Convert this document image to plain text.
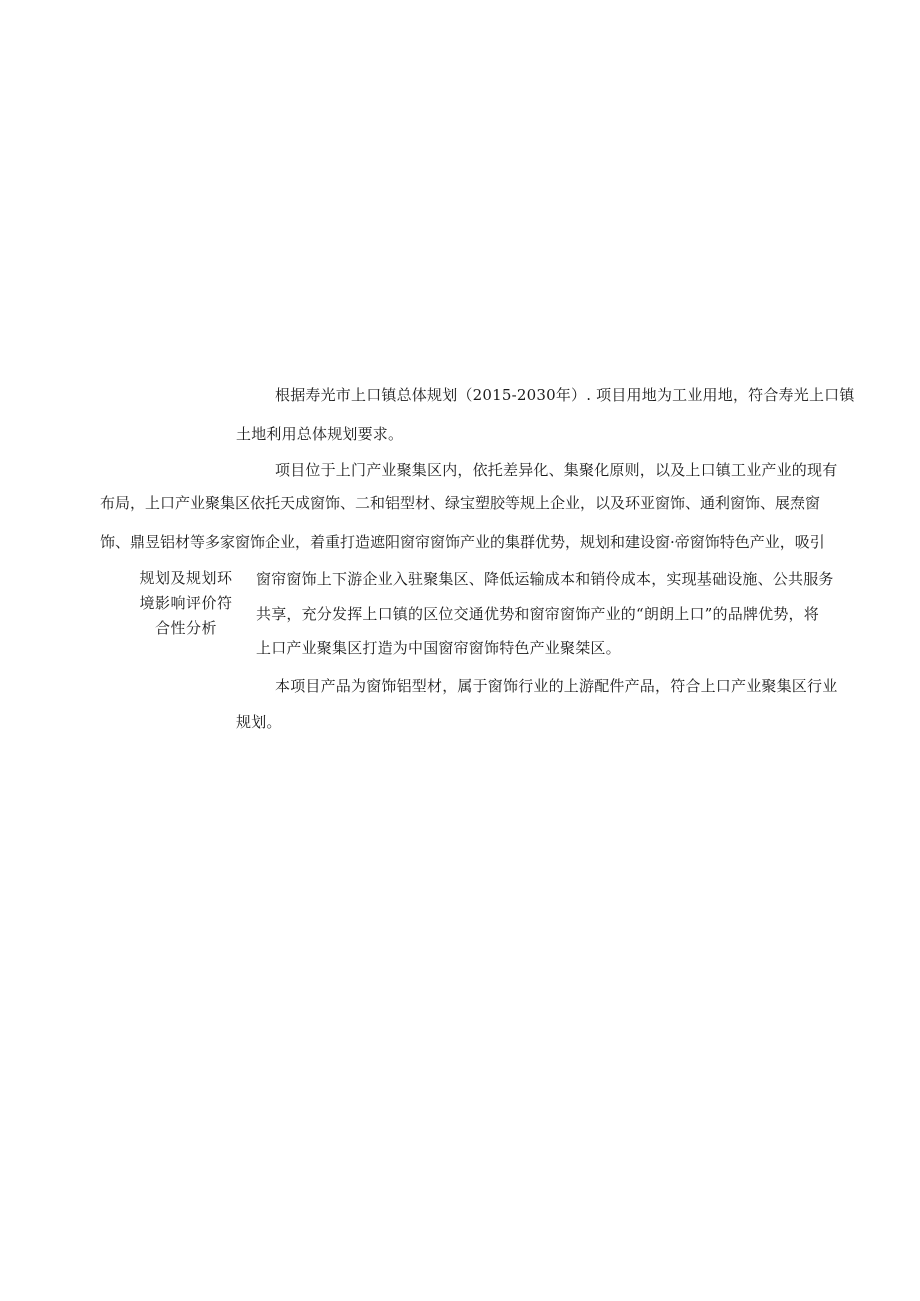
规划及规划环
境影响评价符
合性分析
根据寿光市上口镇总体规划（2015-2030年）. 项目用地为工业用地，符合寿光上口镇
土地利用总体规划要求。
项目位于上门产业聚集区内，依托差异化、集聚化原则，以及上口镇工业产业的现有
布局，上口产业聚集区依托天成窗饰、二和铝型材、绿宝塑胶等规上企业，以及环亚窗饰、通利窗饰、展焘窗
饰、鼎昱铝材等多家窗饰企业，着重打造遮阳窗帘窗饰产业的集群优势，规划和建设窗·帝窗饰特色产业，吸引
窗帘窗饰上下游企业入驻聚集区、降低运输成本和销伶成本，实现基础设施、公共服务
共享，充分发挥上口镇的区位交通优势和窗帘窗饰产业的“朗朗上口”的品牌优势，将
上口产业聚集区打造为中国窗帘窗饰特色产业聚桀区。
本项目产品为窗饰铝型材，属于窗饰行业的上游配件产品，符合上口产业聚集区行业
规划。
